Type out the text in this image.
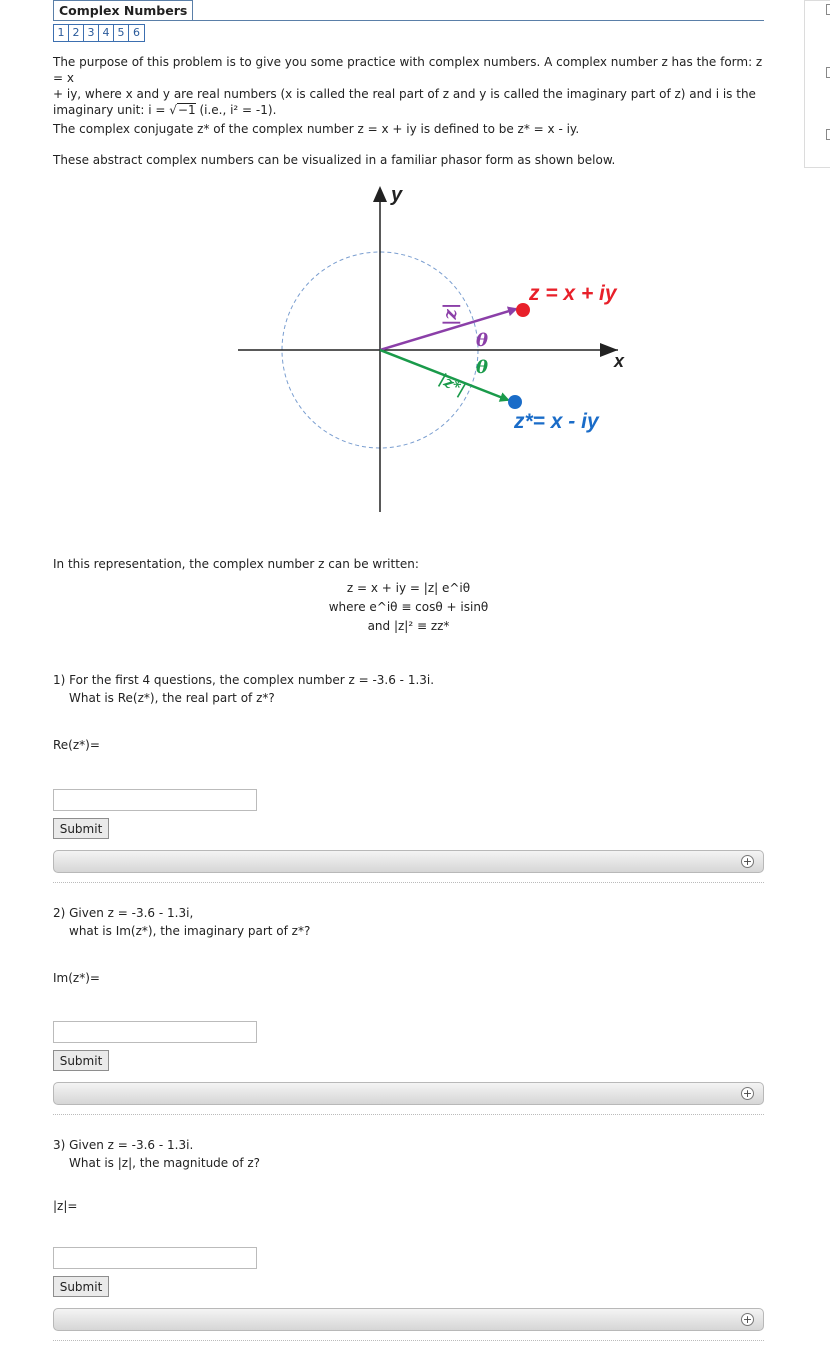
Complex Numbers
1 2 3 4 5 6
The purpose of this problem is to give you some practice with complex numbers. A complex number z has the form: z = x
+ iy, where x and y are real numbers (x is called the real part of z and y is called the imaginary part of z) and i is the
imaginary unit: i = √−1 (i.e., i² = -1).
The complex conjugate z* of the complex number z = x + iy is defined to be z* = x - iy.
These abstract complex numbers can be visualized in a familiar phasor form as shown below.
y
x
|z|
θ
θ
|z*|
z = x + iy
z*= x - iy
In this representation, the complex number z can be written:
z = x + iy = |z| e^iθ
where e^iθ ≡ cosθ + isinθ
and |z|² ≡ zz*
1) For the first 4 questions, the complex number z = -3.6 - 1.3i.
What is Re(z*), the real part of z*?
Re(z*)=
Submit
+
2) Given z = -3.6 - 1.3i,
what is Im(z*), the imaginary part of z*?
Im(z*)=
Submit
+
3) Given z = -3.6 - 1.3i.
What is |z|, the magnitude of z?
|z|=
Submit
+
